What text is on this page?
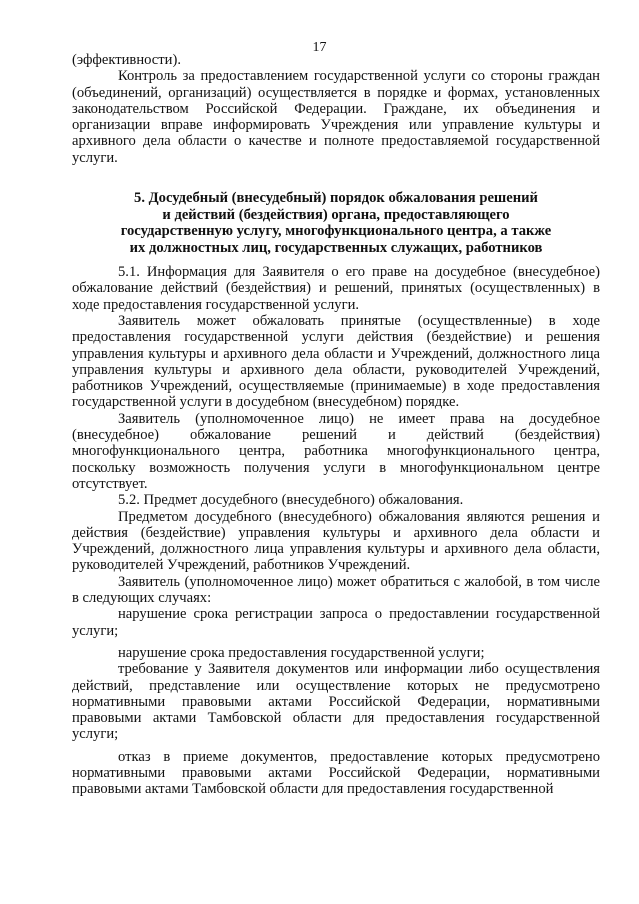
17

(эффективности).

Контроль за предоставлением государственной услуги со стороны граждан (объединений, организаций) осуществляется в порядке и формах, установленных законодательством Российской Федерации. Граждане, их объединения и организации вправе информировать Учреждения или управление культуры и архивного дела области о качестве и полноте предоставляемой государственной услуги.

5. Досудебный (внесудебный) порядок обжалования решений
и действий (бездействия) органа, предоставляющего
государственную услугу, многофункционального центра, а также
их должностных лиц, государственных служащих, работников

5.1. Информация для Заявителя о его праве на досудебное (внесудебное) обжалование действий (бездействия) и решений, принятых (осуществленных) в ходе предоставления государственной услуги.

Заявитель может обжаловать принятые (осуществленные) в ходе предоставления государственной услуги действия (бездействие) и решения управления культуры и архивного дела области и Учреждений, должностного лица управления культуры и архивного дела области, руководителей Учреждений, работников Учреждений, осуществляемые (принимаемые) в ходе предоставления государственной услуги в досудебном (внесудебном) порядке.

Заявитель (уполномоченное лицо) не имеет права на досудебное (внесудебное) обжалование решений и действий (бездействия) многофункционального центра, работника многофункционального центра, поскольку возможность получения услуги в многофункциональном центре отсутствует.

5.2. Предмет досудебного (внесудебного) обжалования.

Предметом досудебного (внесудебного) обжалования являются решения и действия (бездействие) управления культуры и архивного дела области и Учреждений, должностного лица управления культуры и архивного дела области, руководителей Учреждений, работников Учреждений.

Заявитель (уполномоченное лицо) может обратиться с жалобой, в том числе в следующих случаях:

нарушение срока регистрации запроса о предоставлении государственной услуги;

нарушение срока предоставления государственной услуги;

требование у Заявителя документов или информации либо осуществления действий, представление или осуществление которых не предусмотрено нормативными правовыми актами Российской Федерации, нормативными правовыми актами Тамбовской области для предоставления государственной услуги;

отказ в приеме документов, предоставление которых предусмотрено нормативными правовыми актами Российской Федерации, нормативными правовыми актами Тамбовской области для предоставления государственной
